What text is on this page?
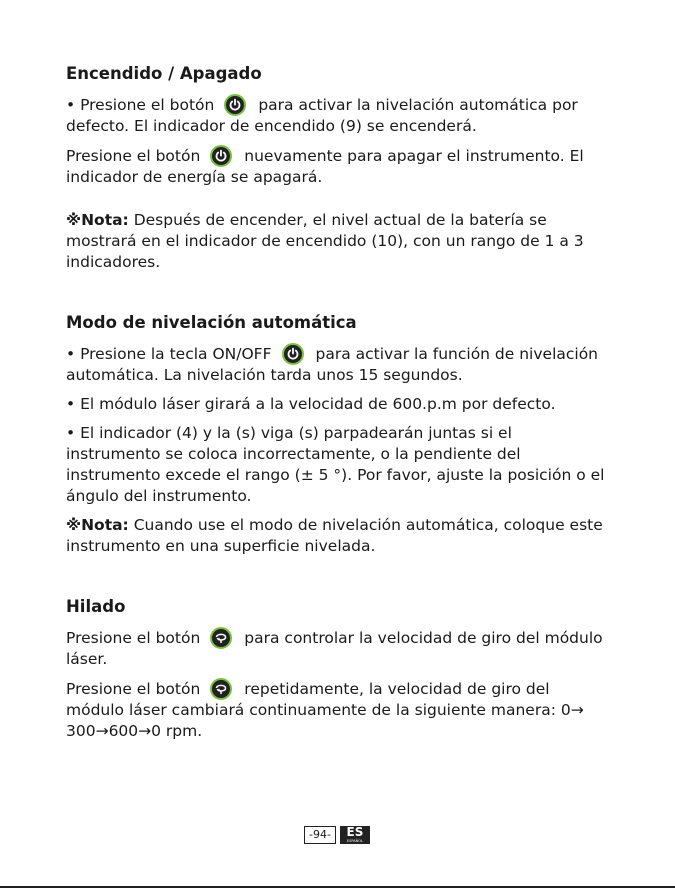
Encendido / Apagado

• Presione el botón	para activar la nivelación automática por defecto. El indicador de encendido (9) se encenderá.

Presione el botón	nuevamente para apagar el instrumento. El indicador de energía se apagará.

※Nota: Después de encender, el nivel actual de la batería se mostrará en el indicador de encendido (10), con un rango de 1 a 3 indicadores.

Modo de nivelación automática

• Presione la tecla ON/OFF	para activar la función de nivelación automática. La nivelación tarda unos 15 segundos.

• El módulo láser girará a la velocidad de 600.p.m por defecto.

• El indicador (4) y la (s) viga (s) parpadearán juntas si el instrumento se coloca incorrectamente, o la pendiente del instrumento excede el rango (± 5 °). Por favor, ajuste la posición o el ángulo del instrumento.

※Nota: Cuando use el modo de nivelación automática, coloque este instrumento en una superficie nivelada.

Hilado

Presione el botón	para controlar la velocidad de giro del módulo láser.

Presione el botón	repetidamente, la velocidad de giro del módulo láser cambiará continuamente de la siguiente manera: 0→ 300→600→0 rpm.

-94-	ES
ESPAÑOL
